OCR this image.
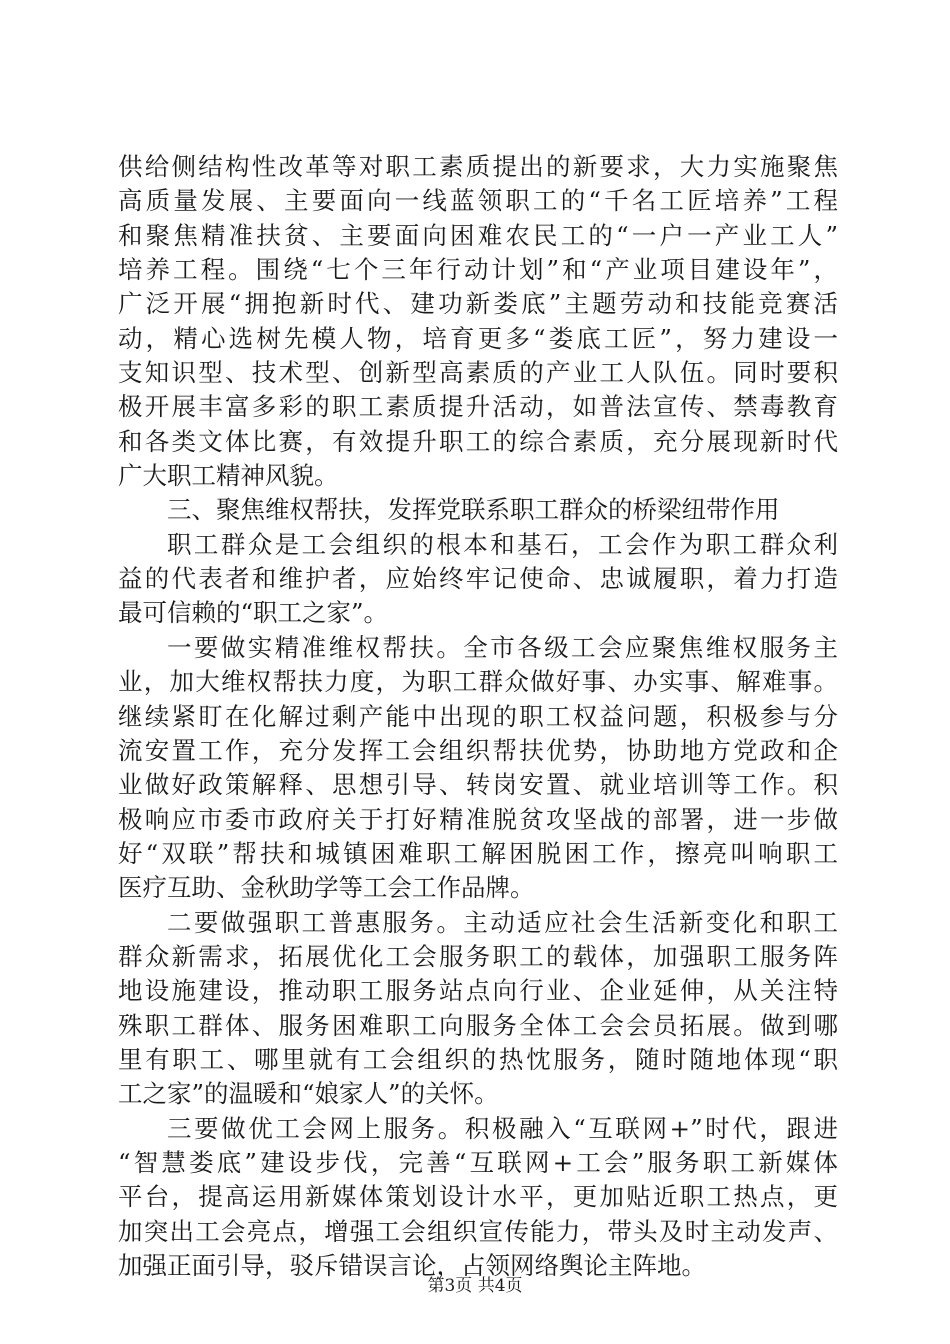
供给侧结构性改革等对职工素质提出的新要求，大力实施聚焦
高质量发展、主要面向一线蓝领职工的“千名工匠培养”工程
和聚焦精准扶贫、主要面向困难农民工的“一户一产业工人”
培养工程。围绕“七个三年行动计划”和“产业项目建设年”，
广泛开展“拥抱新时代、建功新娄底”主题劳动和技能竞赛活
动，精心选树先模人物，培育更多“娄底工匠”，努力建设一
支知识型、技术型、创新型高素质的产业工人队伍。同时要积
极开展丰富多彩的职工素质提升活动，如普法宣传、禁毒教育
和各类文体比赛，有效提升职工的综合素质，充分展现新时代
广大职工精神风貌。
三、聚焦维权帮扶，发挥党联系职工群众的桥梁纽带作用
职工群众是工会组织的根本和基石，工会作为职工群众利
益的代表者和维护者，应始终牢记使命、忠诚履职，着力打造
最可信赖的“职工之家”。
一要做实精准维权帮扶。全市各级工会应聚焦维权服务主
业，加大维权帮扶力度，为职工群众做好事、办实事、解难事。
继续紧盯在化解过剩产能中出现的职工权益问题，积极参与分
流安置工作，充分发挥工会组织帮扶优势，协助地方党政和企
业做好政策解释、思想引导、转岗安置、就业培训等工作。积
极响应市委市政府关于打好精准脱贫攻坚战的部署，进一步做
好“双联”帮扶和城镇困难职工解困脱困工作，擦亮叫响职工
医疗互助、金秋助学等工会工作品牌。
二要做强职工普惠服务。主动适应社会生活新变化和职工
群众新需求，拓展优化工会服务职工的载体，加强职工服务阵
地设施建设，推动职工服务站点向行业、企业延伸，从关注特
殊职工群体、服务困难职工向服务全体工会会员拓展。做到哪
里有职工、哪里就有工会组织的热忱服务，随时随地体现“职
工之家”的温暖和“娘家人”的关怀。
三要做优工会网上服务。积极融入“互联网+”时代，跟进
“智慧娄底”建设步伐，完善“互联网+工会”服务职工新媒体
平台，提高运用新媒体策划设计水平，更加贴近职工热点，更
加突出工会亮点，增强工会组织宣传能力，带头及时主动发声、
加强正面引导，驳斥错误言论，占领网络舆论主阵地。
第3页 共4页
